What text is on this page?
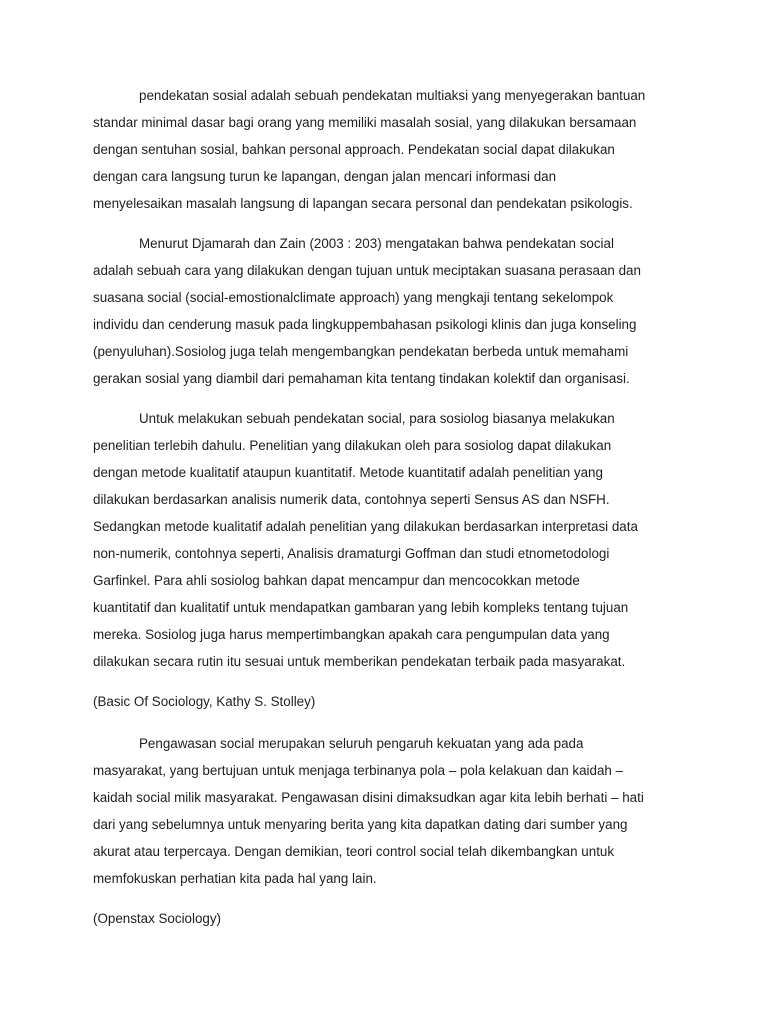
pendekatan sosial adalah sebuah pendekatan multiaksi yang menyegerakan bantuan
standar minimal dasar bagi orang yang memiliki masalah sosial, yang dilakukan bersamaan
dengan sentuhan sosial, bahkan personal approach. Pendekatan social dapat dilakukan
dengan cara langsung turun ke lapangan, dengan jalan mencari informasi dan
menyelesaikan masalah langsung di lapangan secara personal dan pendekatan psikologis.

Menurut Djamarah dan Zain (2003 : 203) mengatakan bahwa pendekatan social
adalah sebuah cara yang dilakukan dengan tujuan untuk meciptakan suasana perasaan dan
suasana social (social-emostionalclimate approach) yang mengkaji tentang sekelompok
individu dan cenderung masuk pada lingkuppembahasan psikologi klinis dan juga konseling
(penyuluhan).Sosiolog juga telah mengembangkan pendekatan berbeda untuk memahami
gerakan sosial yang diambil dari pemahaman kita tentang tindakan kolektif dan organisasi.

Untuk melakukan sebuah pendekatan social, para sosiolog biasanya melakukan
penelitian terlebih dahulu. Penelitian yang dilakukan oleh para sosiolog dapat dilakukan
dengan metode kualitatif ataupun kuantitatif. Metode kuantitatif adalah penelitian yang
dilakukan berdasarkan analisis numerik data, contohnya seperti Sensus AS dan NSFH.
Sedangkan metode kualitatif adalah penelitian yang dilakukan berdasarkan interpretasi data
non-numerik, contohnya seperti, Analisis dramaturgi Goffman dan studi etnometodologi
Garfinkel. Para ahli sosiolog bahkan dapat mencampur dan mencocokkan metode
kuantitatif dan kualitatif untuk mendapatkan gambaran yang lebih kompleks tentang tujuan
mereka. Sosiolog juga harus mempertimbangkan apakah cara pengumpulan data yang
dilakukan secara rutin itu sesuai untuk memberikan pendekatan terbaik pada masyarakat.

(Basic Of Sociology, Kathy S. Stolley)

Pengawasan social merupakan seluruh pengaruh kekuatan yang ada pada
masyarakat, yang bertujuan untuk menjaga terbinanya pola – pola kelakuan dan kaidah –
kaidah social milik masyarakat. Pengawasan disini dimaksudkan agar kita lebih berhati – hati
dari yang sebelumnya untuk menyaring berita yang kita dapatkan dating dari sumber yang
akurat atau terpercaya. Dengan demikian, teori control social telah dikembangkan untuk
memfokuskan perhatian kita pada hal yang lain.

(Openstax Sociology)
